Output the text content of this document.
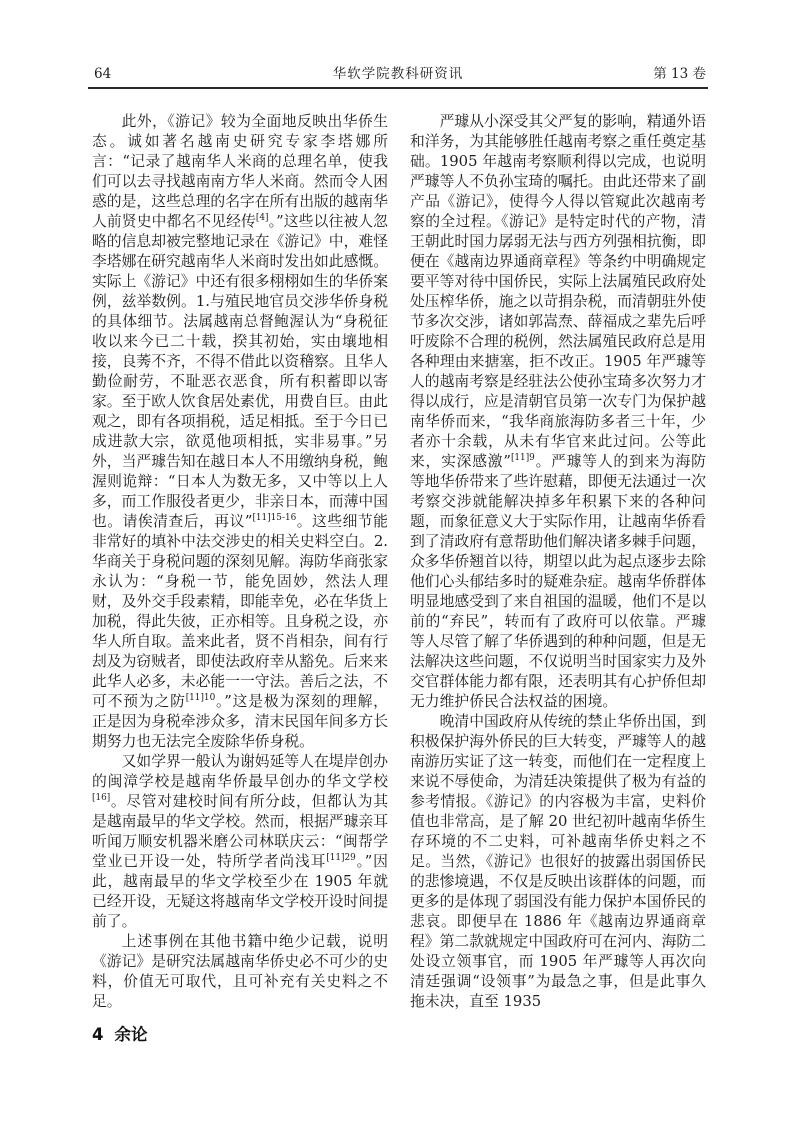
64	华软学院教科研资讯	第 13 卷

此外，《游记》较为全面地反映出华侨生态。诚如著名越南史研究专家李塔娜所言：“记录了越南华人米商的总理名单，使我们可以去寻找越南南方华人米商。然而令人困惑的是，这些总理的名字在所有出版的越南华人前贤史中都名不见经传[4]。”这些以往被人忽略的信息却被完整地记录在《游记》中，难怪李塔娜在研究越南华人米商时发出如此感慨。实际上《游记》中还有很多栩栩如生的华侨案例，兹举数例。1.与殖民地官员交涉华侨身税的具体细节。法属越南总督鲍渥认为“身税征收以来今已二十载，揆其初始，实由壤地相接，良莠不齐，不得不借此以资稽察。且华人勤俭耐劳，不耻恶衣恶食，所有积蓄即以寄家。至于欧人饮食居处素优，用费自巨。由此观之，即有各项捐税，适足相抵。至于今日已成进款大宗，欲觅他项相抵，实非易事。”另外，当严璩告知在越日本人不用缴纳身税，鲍渥则诡辩：“日本人为数无多，又中等以上人多，而工作服役者更少，非亲日本，而薄中国也。请俟清查后，再议”$^{[11]15-16}$。这些细节能非常好的填补中法交涉史的相关史料空白。2.华商关于身税问题的深刻见解。海防华商张家永认为：“身税一节，能免固妙，然法人理财，及外交手段素精，即能幸免，必在华货上加税，得此失彼，正亦相等。且身税之设，亦华人所自取。盖来此者，贤不肖相杂，间有行刦及为窃贼者，即使法政府幸从豁免。后来来此华人必多，未必能一一守法。善后之法，不可不预为之防$^{[11]10}$。”这是极为深刻的理解，正是因为身税牵涉众多，清末民国年间多方长期努力也无法完全废除华侨身税。

又如学界一般认为谢妈延等人在堤岸创办的闽漳学校是越南华侨最早创办的华文学校[16]。尽管对建校时间有所分歧，但都认为其是越南最早的华文学校。然而，根据严璩亲耳听闻万顺安机器米磨公司林联庆云：“闽帮学堂业已开设一处，特所学者尚浅耳$^{[11]29}$。”因此，越南最早的华文学校至少在 1905 年就已经开设，无疑这将越南华文学校开设时间提前了。

上述事例在其他书籍中绝少记载，说明《游记》是研究法属越南华侨史必不可少的史料，价值无可取代，且可补充有关史料之不足。

4 余论

严璩从小深受其父严复的影响，精通外语和洋务，为其能够胜任越南考察之重任奠定基础。1905 年越南考察顺利得以完成，也说明严璩等人不负孙宝琦的嘱托。由此还带来了副产品《游记》，使得今人得以管窥此次越南考察的全过程。《游记》是特定时代的产物，清王朝此时国力孱弱无法与西方列强相抗衡，即便在《越南边界通商章程》等条约中明确规定要平等对待中国侨民，实际上法属殖民政府处处压榨华侨，施之以苛捐杂税，而清朝驻外使节多次交涉，诸如郭嵩焘、薛福成之辈先后呼吁废除不合理的税例，然法属殖民政府总是用各种理由来搪塞，拒不改正。1905 年严璩等人的越南考察是经驻法公使孙宝琦多次努力才得以成行，应是清朝官员第一次专门为保护越南华侨而来，“我华商旅海防多者三十年，少者亦十余载，从未有华官来此过问。公等此来，实深感激”$^{[11]9}$。严璩等人的到来为海防等地华侨带来了些许慰藉，即便无法通过一次考察交涉就能解决掉多年积累下来的各种问题，而象征意义大于实际作用，让越南华侨看到了清政府有意帮助他们解决诸多棘手问题，众多华侨翘首以待，期望以此为起点逐步去除他们心头郁结多时的疑难杂症。越南华侨群体明显地感受到了来自祖国的温暖，他们不是以前的“弃民”，转而有了政府可以依靠。严璩等人尽管了解了华侨遇到的种种问题，但是无法解决这些问题，不仅说明当时国家实力及外交官群体能力都有限，还表明其有心护侨但却无力维护侨民合法权益的困境。

晚清中国政府从传统的禁止华侨出国，到积极保护海外侨民的巨大转变，严璩等人的越南游历实证了这一转变，而他们在一定程度上来说不辱使命，为清廷决策提供了极为有益的参考情报。《游记》的内容极为丰富，史料价值也非常高，是了解 20 世纪初叶越南华侨生存环境的不二史料，可补越南华侨史料之不足。当然，《游记》也很好的披露出弱国侨民的悲惨境遇，不仅是反映出该群体的问题，而更多的是体现了弱国没有能力保护本国侨民的悲哀。即便早在 1886 年《越南边界通商章程》第二款就规定中国政府可在河内、海防二处设立领事官，而 1905 年严璩等人再次向清廷强调“设领事”为最急之事，但是此事久拖未决，直至 1935
